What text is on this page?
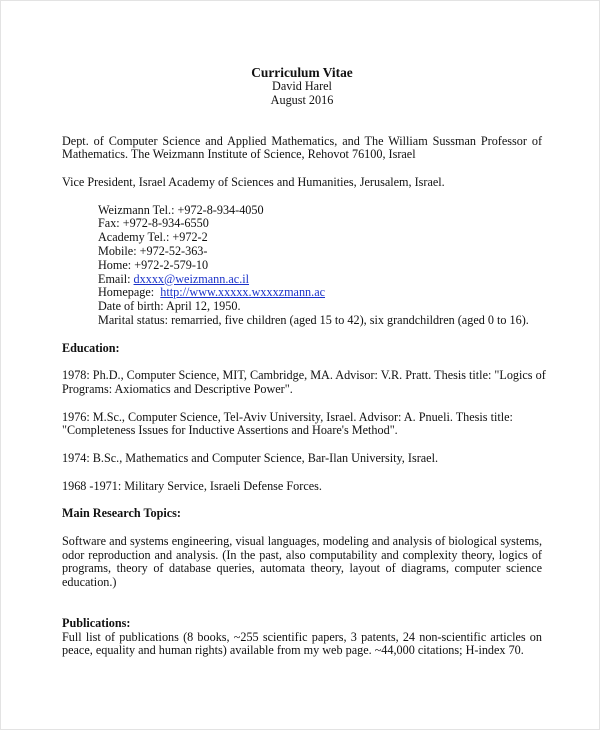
Curriculum Vitae
David Harel
August 2016
Dept. of Computer Science and Applied Mathematics, and The William Sussman Professor of
Mathematics. The Weizmann Institute of Science, Rehovot 76100, Israel
Vice President, Israel Academy of Sciences and Humanities, Jerusalem, Israel.
Weizmann Tel.: +972-8-934-4050
Fax: +972-8-934-6550
Academy Tel.: +972-2
Mobile: +972-52-363-
Home: +972-2-579-10
Email: dxxxx@weizmann.ac.il
Homepage:  http://www.xxxxx.wxxxzmann.ac
Date of birth: April 12, 1950.
Marital status: remarried, five children (aged 15 to 42), six grandchildren (aged 0 to 16).
Education:
1978: Ph.D., Computer Science, MIT, Cambridge, MA. Advisor: V.R. Pratt. Thesis title: "Logics of
Programs: Axiomatics and Descriptive Power".
1976: M.Sc., Computer Science, Tel-Aviv University, Israel. Advisor: A. Pnueli. Thesis title:
"Completeness Issues for Inductive Assertions and Hoare's Method".
1974: B.Sc., Mathematics and Computer Science, Bar-Ilan University, Israel.
1968 -1971: Military Service, Israeli Defense Forces.
Main Research Topics:
Software and systems engineering, visual languages, modeling and analysis of biological systems,
odor reproduction and analysis. (In the past, also computability and complexity theory, logics of
programs, theory of database queries, automata theory, layout of diagrams, computer science
education.)
Publications:
Full list of publications (8 books, ~255 scientific papers, 3 patents, 24 non-scientific articles on
peace, equality and human rights) available from my web page. ~44,000 citations; H-index 70.
